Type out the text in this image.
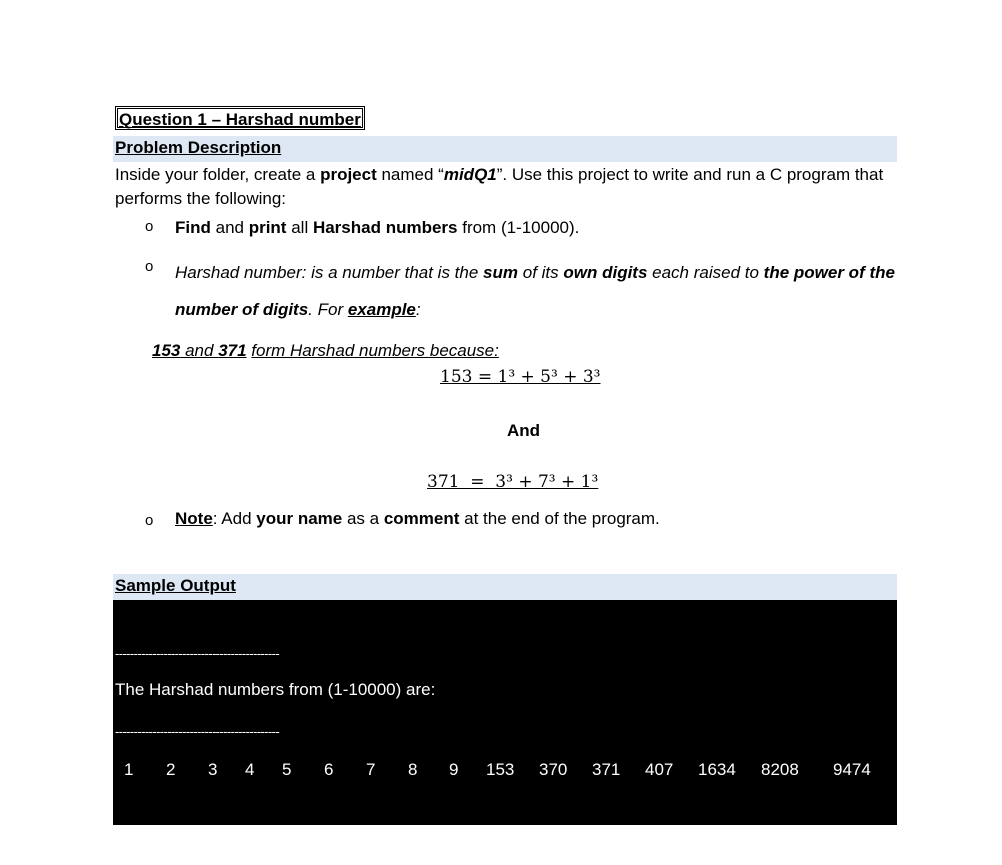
Question 1 – Harshad number
Problem Description
Inside your folder, create a project named “midQ1”. Use this project to write and run a C program that performs the following:
o Find and print all Harshad numbers from (1-10000).
o Harshad number: is a number that is the sum of its own digits each raised to the power of the number of digits. For example:
153 and 371 form Harshad numbers because:
153 = 1³ + 5³ + 3³
And
371  =  3³ + 7³ + 1³
o Note: Add your name as a comment at the end of the program.
Sample Output
--------------------------------------------
The Harshad numbers from (1-10000) are:
--------------------------------------------
1 2 3 4 5 6 7 8 9 153 370 371 407 1634 8208 9474
